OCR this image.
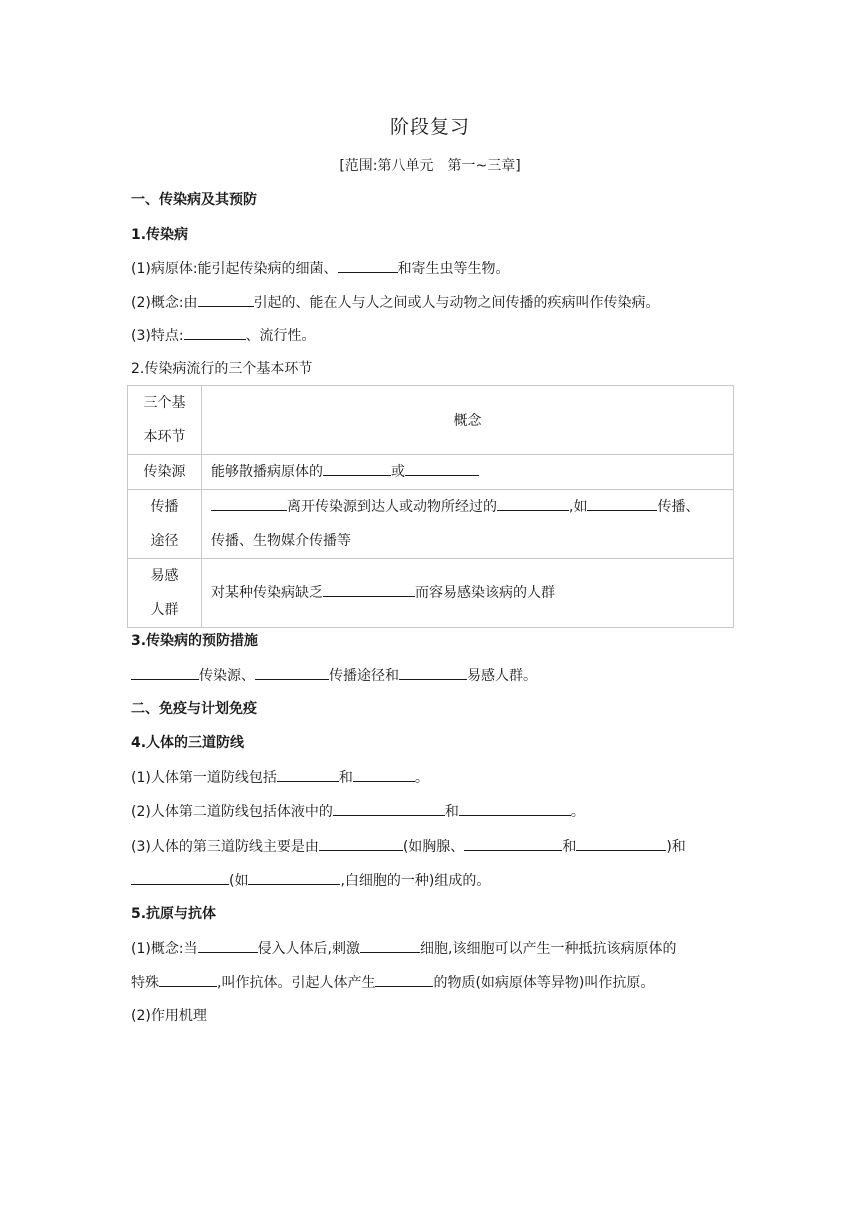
阶段复习
[范围:第八单元　第一~三章]
一、传染病及其预防
1.传染病
(1)病原体:能引起传染病的细菌、	和寄生虫等生物。
(2)概念:由	引起的、能在人与人之间或人与动物之间传播的疾病叫作传染病。
(3)特点:	、流行性。
2.传染病流行的三个基本环节
三个基
本环节	概念
传染源	能够散播病原体的 或
传播
途径	离开传染源到达人或动物所经过的 ,如 传播、
传播、生物媒介传播等
易感
人群	对某种传染病缺乏 而容易感染该病的人群
3.传染病的预防措施
传染源、	传播途径和	易感人群。
二、免疫与计划免疫
4.人体的三道防线
(1)人体第一道防线包括	和	。
(2)人体第二道防线包括体液中的	和	。
(3)人体的第三道防线主要是由	(如胸腺、	和	)和
(如	,白细胞的一种)组成的。
5.抗原与抗体
(1)概念:当	侵入人体后,刺激	细胞,该细胞可以产生一种抵抗该病原体的
特殊	,叫作抗体。引起人体产生	的物质(如病原体等异物)叫作抗原。
(2)作用机理
